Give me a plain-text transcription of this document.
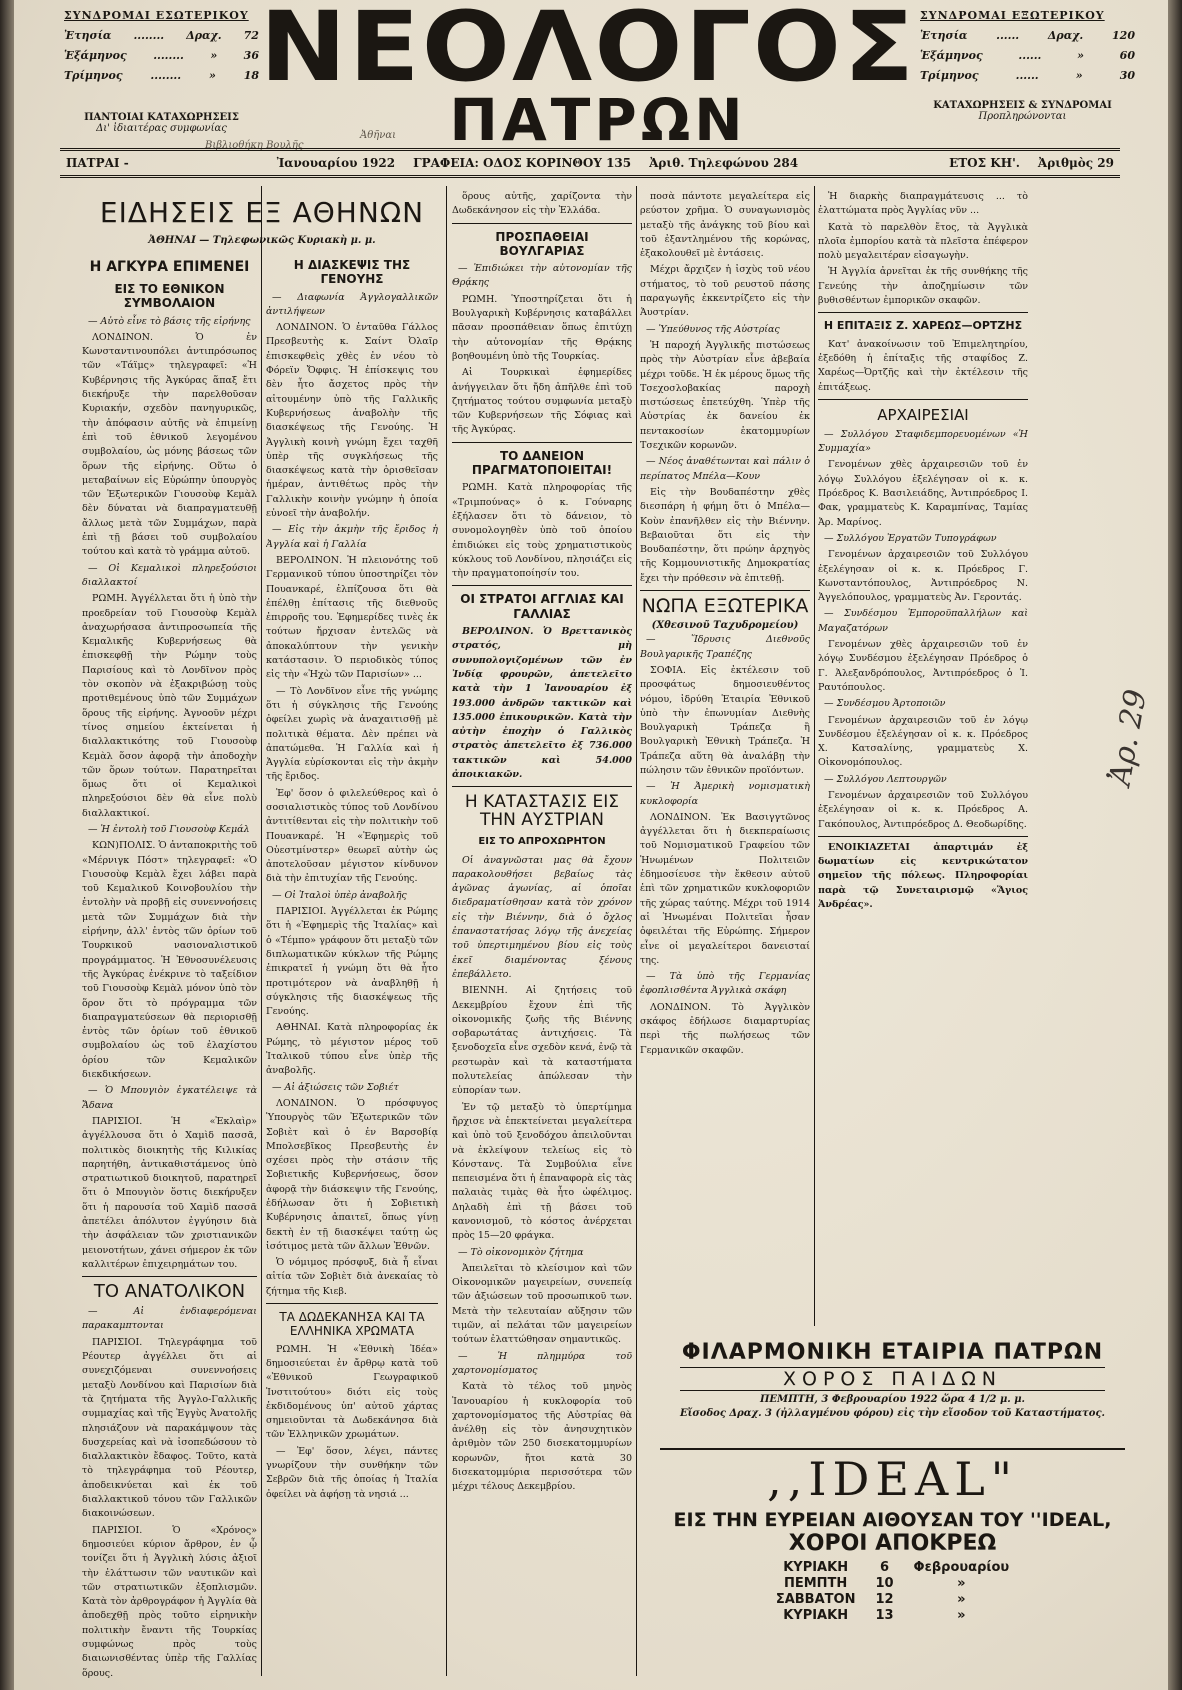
ΣΥΝΔΡΟΜΑΙ ΕΣΩΤΕΡΙΚΟΥ
Ἐτησία ........ Δραχ. 72
Ἑξάμηνος ........ » 36
Τρίμηνος	........	»	18
ΠΑΝΤΟΙΑΙ ΚΑΤΑΧΩΡΗΣΕΙΣ
Δι' ἰδιαιτέρας συμφωνίας
ΣΥΝΔΡΟΜΑΙ ΕΞΩΤΕΡΙΚΟΥ
Ἐτησία	......	Δραχ.	120
Ἑξάμηνος	......	»	60
Τρίμηνος	......	»	30
ΚΑΤΑΧΩΡΗΣΕΙΣ & ΣΥΝΔΡΟΜΑΙ
Προπληρώνονται
ΝΕΟΛΟΓΟΣ
ΠΑΤΡΩΝ
Βιβλιοθήκη Βουλῆς
Ἀθῆναι
ΠΑΤΡΑΙ -	Ἰανουαρίου 1922 ΓΡΑΦΕΙΑ: ΟΔΟΣ ΚΟΡΙΝΘΟΥ 135 Ἀριθ. Τηλεφώνου 284	ΕΤΟΣ ΚΗ'. Ἀριθμὸς 29
ΕΙΔΗΣΕΙΣ ΕΞ ΑΘΗΝΩΝ
ἈΘΗΝΑΙ — Τηλεφωνικῶς Κυριακὴ μ. μ.
Η ΑΓΚΥΡΑ ΕΠΙΜΕΝΕΙ
ΕΙΣ ΤΟ ΕΘΝΙΚΟΝ ΣΥΜΒΟΛΑΙΟΝ

— Αὐτὸ εἶνε τὸ βάσις τῆς εἰρήνης

ΛΟΝΔΙΝΟΝ. Ὁ ἐν Κωνσταντινουπόλει ἀντιπρόσωπος τῶν «Τάϊμς» τηλεγραφεῖ: «Ἡ Κυβέρνησις τῆς Ἀγκύρας ἅπαξ ἔτι διεκήρυξε τὴν παρελθοῦσαν Κυριακήν, σχεδὸν πανηγυρικῶς, τὴν ἀπόφασιν αὐτῆς νὰ ἐπιμείνῃ ἐπὶ τοῦ ἐθνικοῦ λεγομένου συμβολαίου, ὡς μόνης βάσεως τῶν ὅρων τῆς εἰρήνης. Οὕτω ὁ μεταβαίνων εἰς Εὐρώπην ὑπουργὸς τῶν Ἐξωτερικῶν Γιουσοὺφ Κεμὰλ δὲν δύναται νὰ διαπραγματευθῇ ἄλλως μετὰ τῶν Συμμάχων, παρὰ ἐπὶ τῇ βάσει τοῦ συμβολαίου τούτου καὶ κατὰ τὸ γράμμα αὐτοῦ.

— Οἱ Κεμαλικοὶ πληρεξούσιοι διαλλακτοί

ΡΩΜΗ. Ἀγγέλλεται ὅτι ἡ ὑπὸ τὴν προεδρείαν τοῦ Γιουσοὺφ Κεμὰλ ἀναχωρήσασα ἀντιπροσωπεία τῆς Κεμαλικῆς Κυβερνήσεως θὰ ἐπισκεφθῇ τὴν Ρώμην τοὺς Παρισίους καὶ τὸ Λονδῖνον πρὸς τὸν σκοπὸν νὰ ἐξακριβώσῃ τοὺς προτιθεμένους ὑπὸ τῶν Συμμάχων ὅρους τῆς εἰρήνης. Ἀγνοοῦν μέχρι τίνος σημείου ἐκτείνεται ἡ διαλλακτικότης τοῦ Γιουσοὺφ Κεμὰλ ὅσον ἀφορᾷ τὴν ἀποδοχὴν τῶν ὅρων τούτων. Παρατηρεῖται ὅμως ὅτι οἱ Κεμαλικοὶ πληρεξούσιοι δὲν θὰ εἶνε πολὺ διαλλακτικοί.

— Ἡ ἐντολὴ τοῦ Γιουσοὺφ Κεμάλ

ΚΩΝ)ΠΟΛΙΣ. Ὁ ἀνταποκριτὴς τοῦ «Μέρνιγκ Πόστ» τηλεγραφεῖ: «Ὁ Γιουσοὺφ Κεμὰλ ἔχει λάβει παρὰ τοῦ Κεμαλικοῦ Κοινοβουλίου τὴν ἐντολὴν νὰ προβῇ εἰς συνεννοήσεις μετὰ τῶν Συμμάχων διὰ τὴν εἰρήνην, ἀλλ' ἐντὸς τῶν ὁρίων τοῦ Τουρκικοῦ νασιοναλιστικοῦ προγράμματος. Ἡ Ἐθνοσυνέλευσις τῆς Ἀγκύρας ἐνέκρινε τὸ ταξείδιον τοῦ Γιουσοὺφ Κεμὰλ μόνον ὑπὸ τὸν ὅρον ὅτι τὸ πρόγραμμα τῶν διαπραγματεύσεων θὰ περιορισθῇ ἐντὸς τῶν ὁρίων τοῦ ἐθνικοῦ συμβολαίου ὡς τοῦ ἐλαχίστου ὁρίου τῶν Κεμαλικῶν διεκδικήσεων.

— Ὁ Μπουγιὸν ἐγκατέλειψε τὰ Ἄδανα

ΠΑΡΙΣΙΟΙ. Ἡ «Ἐκλαὶρ» ἀγγέλλουσα ὅτι ὁ Χαμὶδ πασσᾶ, πολιτικὸς διοικητὴς τῆς Κιλικίας παρητήθη, ἀντικαθιστάμενος ὑπὸ στρατιωτικοῦ διοικητοῦ, παρατηρεῖ ὅτι ὁ Μπουγιὸν ὅστις διεκήρυξεν ὅτι ἡ παρουσία τοῦ Χαμὶδ πασσᾶ ἀπετέλει ἀπόλυτον ἐγγύησιν διὰ τὴν ἀσφάλειαν τῶν χριστιανικῶν μειονοτήτων, χάνει σήμερον ἐκ τῶν καλλιτέρων ἐπιχειρημάτων του.

ΤΟ ΑΝΑΤΟΛΙΚΟΝ

— Αἱ ἐνδιαφερόμεναι παρακαμπτονται

ΠΑΡΙΣΙΟΙ. Τηλεγράφημα τοῦ Ρέουτερ ἀγγέλλει ὅτι αἱ συνεχιζόμεναι συνεννοήσεις μεταξὺ Λονδίνου καὶ Παρισίων διὰ τὰ ζητήματα τῆς Ἀγγλο-Γαλλικῆς συμμαχίας καὶ τῆς Ἐγγὺς Ἀνατολῆς πλησιάζουν νὰ παρακάμψουν τὰς δυσχερείας καὶ νὰ ἰσοπεδώσουν τὸ διαλλακτικὸν ἔδαφος. Τοῦτο, κατὰ τὸ τηλεγράφημα τοῦ Ρέουτερ, ἀποδεικνύεται καὶ ἐκ τοῦ διαλλακτικοῦ τόνου τῶν Γαλλικῶν διακοινώσεων.

ΠΑΡΙΣΙΟΙ. Ὁ «Χρόνος» δημοσιεύει κύριον ἄρθρον, ἐν ᾧ τονίζει ὅτι ἡ Ἀγγλικὴ λύσις ἀξιοῖ τὴν ἐλάττωσιν τῶν ναυτικῶν καὶ τῶν στρατιωτικῶν ἐξοπλισμῶν. Κατὰ τὸν ἀρθρογράφον ἡ Ἀγγλία θὰ ἀποδεχθῇ πρὸς τοῦτο εἰρηνικὴν πολιτικὴν ἔναντι τῆς Τουρκίας συμφώνως πρὸς τοὺς διαιωνισθέντας ὑπὲρ τῆς Γαλλίας ὅρους.

Η ΔΙΑΣΚΕΨΙΣ ΤΗΣ ΓΕΝΟΥΗΣ

— Διαφωνία Ἀγγλογαλλικῶν ἀντιλήψεων

ΛΟΝΔΙΝΟΝ. Ὁ ἐνταῦθα Γάλλος Πρεσβευτὴς κ. Σαίντ Ὀλαῖρ ἐπισκεφθεὶς χθὲς ἐν νέου τὸ Φόρεϊν Ὄφφις. Ἡ ἐπίσκεψις του δὲν ἦτο ἄσχετος πρὸς τὴν αἰτουμένην ὑπὸ τῆς Γαλλικῆς Κυβερνήσεως ἀναβολὴν τῆς διασκέψεως τῆς Γενούης. Ἡ Ἀγγλικὴ κοινὴ γνώμη ἔχει ταχθῆ ὑπὲρ τῆς συγκλήσεως τῆς διασκέψεως κατὰ τὴν ὁρισθεῖσαν ἡμέραν, ἀντιθέτως πρὸς τὴν Γαλλικὴν κοινὴν γνώμην ἡ ὁποία εὐνοεῖ τὴν ἀναβολήν.

— Εἰς τὴν ἀκμὴν τῆς ἔριδος ἡ Ἀγγλία καὶ ἡ Γαλλία

ΒΕΡΟΛΙΝΟΝ. Ἡ πλειονότης τοῦ Γερμανικοῦ τύπου ὑποστηρίζει τὸν Πουανκαρέ, ἐλπίζουσα ὅτι θὰ ἐπέλθῃ ἐπίτασις τῆς διεθνοῦς ἐπιρροῆς του. Ἐφημερίδες τινὲς ἐκ τούτων ἤρχισαν ἐντελῶς νὰ ἀποκαλύπτουν τὴν γενικὴν κατάστασιν. Ὁ περιοδικὸς τύπος εἰς τὴν «Ἡχὼ τῶν Παρισίων» ...

— Τὸ Λονδῖνον εἶνε τῆς γνώμης ὅτι ἡ σύγκλησις τῆς Γενούης ὀφείλει χωρὶς νὰ ἀναχαιτισθῇ μὲ πολιτικὰ θέματα. Δὲν πρέπει νὰ ἀπατώμεθα. Ἡ Γαλλία καὶ ἡ Ἀγγλία εὑρίσκονται εἰς τὴν ἀκμὴν τῆς ἔριδος.

Ἐφ' ὅσον ὁ φιλελεύθερος καὶ ὁ σοσιαλιστικὸς τύπος τοῦ Λονδίνου ἀντιτίθενται εἰς τὴν πολιτικὴν τοῦ Πουανκαρέ. Ἡ «Ἐφημερὶς τοῦ Οὐεστμίνστερ» θεωρεῖ αὐτὴν ὡς ἀποτελοῦσαν μέγιστον κίνδυνον διὰ τὴν ἐπιτυχίαν τῆς Γενούης.

— Οἱ Ἰταλοὶ ὑπὲρ ἀναβολῆς

ΠΑΡΙΣΙΟΙ. Ἀγγέλλεται ἐκ Ρώμης ὅτι ἡ «Ἐφημερὶς τῆς Ἰταλίας» καὶ ὁ «Τέμπο» γράφουν ὅτι μεταξὺ τῶν διπλωματικῶν κύκλων τῆς Ρώμης ἐπικρατεῖ ἡ γνώμη ὅτι θὰ ἦτο προτιμότερον νὰ ἀναβληθῇ ἡ σύγκλησις τῆς διασκέψεως τῆς Γενούης.

ΑΘΗΝΑΙ. Κατὰ πληροφορίας ἐκ Ρώμης, τὸ μέγιστον μέρος τοῦ Ἰταλικοῦ τύπου εἶνε ὑπὲρ τῆς ἀναβολῆς.

— Αἱ ἀξιώσεις τῶν Σοβιέτ

ΛΟΝΔΙΝΟΝ. Ὁ πρόσφυγος Ὑπουργὸς τῶν Ἐξωτερικῶν τῶν Σοβιὲτ καὶ ὁ ἐν Βαρσοβίᾳ Μπολσεβῖκος Πρεσβευτὴς ἐν σχέσει πρὸς τὴν στάσιν τῆς Σοβιετικῆς Κυβερνήσεως, ὅσον ἀφορᾷ τὴν διάσκεψιν τῆς Γενούης, ἐδήλωσαν ὅτι ἡ Σοβιετικὴ Κυβέρνησις ἀπαιτεῖ, ὅπως γίνῃ δεκτὴ ἐν τῇ διασκέψει ταύτῃ ὡς ἰσότιμος μετὰ τῶν ἄλλων Ἐθνῶν.

Ὁ νόμιμος πρόσφυξ, διὰ ἦ εἶναι αἰτία τῶν Σοβιὲτ διὰ ἀνεκαίας τὸ ζήτημα τῆς Κιεβ.

ΤΑ ΔΩΔΕΚΑΝΗΣΑ ΚΑΙ ΤΑ ΕΛΛΗΝΙΚΑ ΧΡΩΜΑΤΑ

ΡΩΜΗ. Ἡ «Ἐθνικὴ Ἰδέα» δημοσιεύεται ἐν ἄρθρῳ κατὰ τοῦ «Ἐθνικοῦ Γεωγραφικοῦ Ἰνστιτούτου» διότι εἰς τοὺς ἐκδιδομένους ὑπ' αὐτοῦ χάρτας σημειοῦνται τὰ Δωδεκάνησα διὰ τῶν Ἑλληνικῶν χρωμάτων.

— Ἐφ' ὅσον, λέγει, πάντες γνωρίζουν τὴν συνθήκην τῶν Σεβρῶν διὰ τῆς ὁποίας ἡ Ἰταλία ὀφείλει νὰ ἀφήσῃ τὰ νησιά ...

ὅρους αὐτῆς, χαρίζοντα τὴν Δωδεκάνησον εἰς τὴν Ἑλλάδα.

ΠΡΟΣΠΑΘΕΙΑΙ ΒΟΥΛΓΑΡΙΑΣ

— Ἐπιδιώκει τὴν αὐτονομίαν τῆς Θρᾴκης

ΡΩΜΗ. Ὑποστηρίζεται ὅτι ἡ Βουλγαρικὴ Κυβέρνησις καταβάλλει πᾶσαν προσπάθειαν ὅπως ἐπιτύχῃ τὴν αὐτονομίαν τῆς Θρᾴκης βοηθουμένη ὑπὸ τῆς Τουρκίας.

Αἱ Τουρκικαὶ ἐφημερίδες ἀνήγγειλαν ὅτι ἤδη ἀπῆλθε ἐπὶ τοῦ ζητήματος τούτου συμφωνία μεταξὺ τῶν Κυβερνήσεων τῆς Σόφιας καὶ τῆς Ἀγκύρας.

ΤΟ ΔΑΝΕΙΟΝ ΠΡΑΓΜΑΤΟΠΟΙΕΙΤΑΙ!

ΡΩΜΗ. Κατὰ πληροφορίας τῆς «Τριμπούνας» ὁ κ. Γούναρης ἐξήλασεν ὅτι τὸ δάνειον, τὸ συνομολογηθὲν ὑπὸ τοῦ ὁποίου ἐπιδιώκει εἰς τοὺς χρηματιστικοὺς κύκλους τοῦ Λονδίνου, πλησιάζει εἰς τὴν πραγματοποίησίν του.

ΟΙ ΣΤΡΑΤΟΙ ΑΓΓΛΙΑΣ ΚΑΙ ΓΑΛΛΙΑΣ

ΒΕΡΟΛΙΝΟΝ. Ὁ Βρεττανικὸς στρατός, μὴ συνυπολογιζομένων τῶν ἐν Ἰνδίᾳ φρουρῶν, ἀπετελεῖτο κατὰ τὴν 1 Ἰανουαρίου ἐξ 193.000 ἀνδρῶν τακτικῶν καὶ 135.000 ἐπικουρικῶν. Κατὰ τὴν αὐτὴν ἐποχὴν ὁ Γαλλικὸς στρατὸς ἀπετελεῖτο ἐξ 736.000 τακτικῶν καὶ 54.000 ἀποικιακῶν.

Η ΚΑΤΑΣΤΑΣΙΣ ΕΙΣ ΤΗΝ ΑΥΣΤΡΙΑΝ
ΕΙΣ ΤΟ ΑΠΡΟΧΩΡΗΤΟΝ

Οἱ ἀναγνῶσται μας θὰ ἔχουν παρακολουθήσει βεβαίως τὰς ἀγῶνας ἀγωνίας, αἱ ὁποῖαι διεδραματίσθησαν κατὰ τὸν χρόνον εἰς τὴν Βιέννην, διὰ ὁ ὄχλος ἐπαναστατήσας λόγῳ τῆς ἀνεχείας τοῦ ὑπερτιμημένου βίου εἰς τοὺς ἐκεῖ διαμένοντας ξένους ἐπεβάλλετο.

ΒΙΕΝΝΗ. Αἱ ζητήσεις τοῦ Δεκεμβρίου ἔχουν ἐπὶ τῆς οἰκονομικῆς ζωῆς τῆς Βιέννης σοβαρωτάτας ἀντιχήσεις. Τὰ ξενοδοχεῖα εἶνε σχεδὸν κενά, ἐνῷ τὰ ρεστωρὰν καὶ τὰ καταστήματα πολυτελείας ἀπώλεσαν τὴν εὐπορίαν των.

Ἐν τῷ μεταξὺ τὸ ὑπερτίμημα ἤρχισε νὰ ἐπεκτείνεται μεγαλείτερα καὶ ὑπὸ τοῦ ξενοδόχου ἀπειλοῦνται νὰ ἐκλείψουν τελείως εἰς τὸ Κόνστανς. Τὰ Συμβούλια εἶνε πεπεισμένα ὅτι ἡ ἐπαναφορὰ εἰς τὰς παλαιὰς τιμὰς θὰ ἦτο ὠφέλιμος. Δηλαδὴ ἐπὶ τῇ βάσει τοῦ κανονισμοῦ, τὸ κόστος ἀνέρχεται πρὸς 15—20 φράγκα.

— Τὸ οἰκονομικὸν ζήτημα

Ἀπειλεῖται τὸ κλείσιμον καὶ τῶν Οἰκονομικῶν μαγειρείων, συνεπείᾳ τῶν ἀξιώσεων τοῦ προσωπικοῦ των. Μετὰ τὴν τελευταίαν αὔξησιν τῶν τιμῶν, αἱ πελάται τῶν μαγειρείων τούτων ἐλαττώθησαν σημαντικῶς.

— Ἡ πλημμύρα τοῦ χαρτονομίσματος

Κατὰ τὸ τέλος τοῦ μηνὸς Ἰανουαρίου ἡ κυκλοφορία τοῦ χαρτονομίσματος τῆς Αὐστρίας θὰ ἀνέλθῃ εἰς τὸν ἀνησυχητικὸν ἀριθμὸν τῶν 250 δισεκατομμυρίων κορωνῶν, ἤτοι κατὰ 30 δισεκατομμύρια περισσότερα τῶν μέχρι τέλους Δεκεμβρίου.

ποσὰ πάντοτε μεγαλείτερα εἰς ρεύστον χρῆμα. Ὁ συναγωνισμὸς μεταξὺ τῆς ἀνάγκης τοῦ βίου καὶ τοῦ ἐξαντλημένου τῆς κορώνας, ἐξακολουθεῖ μὲ ἐντάσεις.

Μέχρι ἄρχιζεν ἡ ἰσχὺς τοῦ νέου στήματος, τὸ τοῦ ρευστοῦ πάσης παραγωγῆς ἐκκεντρίζετο εἰς τὴν Ἀυστρίαν.

— Ὑπεύθυνος τῆς Αὐστρίας

Ἡ παροχή Ἀγγλικῆς πιστώσεως πρὸς τὴν Αὐστρίαν εἶνε ἀβεβαία μέχρι τοῦδε. Ἡ ἐκ μέρους ὅμως τῆς Τσεχοσλοβακίας παροχὴ πιστώσεως ἐπετεύχθη. Ὑπὲρ τῆς Αὐστρίας ἐκ δανείου ἐκ πεντακοσίων ἑκατομμυρίων Τσεχικῶν κορωνῶν.

— Νέος ἀναθέτωνται καὶ πάλιν ὁ περίπατος Μπέλα—Κουν

Εἰς τὴν Βουδαπέστην χθὲς διεσπάρη ἡ φήμη ὅτι ὁ Μπέλα—Κοὺν ἐπανῆλθεν εἰς τὴν Βιέννην. Βεβαιοῦται ὅτι εἰς τὴν Βουδαπέστην, ὅτι πρώην ἀρχηγὸς τῆς Κομμουνιστικῆς Δημοκρατίας ἔχει τὴν πρόθεσιν νὰ ἐπιτεθῇ.

ΝΩΠΑ ΕΞΩΤΕΡΙΚΑ
(Χθεσινοῦ Ταχυδρομείου)

— Ἵδρυσις Διεθνοῦς Βουλγαρικῆς Τραπέζης

ΣΟΦΙΑ. Εἰς ἐκτέλεσιν τοῦ προσφάτως δημοσιευθέντος νόμου, ἱδρύθη Ἑταιρία Ἐθνικοῦ ὑπὸ τὴν ἐπωνυμίαν Διεθνὴς Βουλγαρικὴ Τράπεζα ἢ Βουλγαρικὴ Ἐθνικὴ Τράπεζα. Ἡ Τράπεζα αὕτη θὰ ἀναλάβῃ τὴν πώλησιν τῶν ἐθνικῶν προϊόντων.

— Ἡ Ἀμερικὴ νομισματικὴ κυκλοφορία

ΛΟΝΔΙΝΟΝ. Ἐκ Βασιγγτῶνος ἀγγέλλεται ὅτι ἡ διεκπεραίωσις τοῦ Νομισματικοῦ Γραφείου τῶν Ἡνωμένων Πολιτειῶν ἐδημοσίευσε τὴν ἔκθεσιν αὐτοῦ ἐπὶ τῶν χρηματικῶν κυκλοφοριῶν τῆς χώρας ταύτης. Μέχρι τοῦ 1914 αἱ Ἡνωμέναι Πολιτεῖαι ἦσαν ὀφειλέται τῆς Εὐρώπης. Σήμερον εἶνε οἱ μεγαλείτεροι δανεισταί της.

— Τὰ ὑπὸ τῆς Γερμανίας ἐφοπλισθέντα Ἀγγλικὰ σκάφη

ΛΟΝΔΙΝΟΝ. Τὸ Ἀγγλικὸν σκάφος ἐδήλωσε διαμαρτυρίας περὶ τῆς πωλήσεως τῶν Γερμανικῶν σκαφῶν.

Ἡ διαρκὴς διαπραγμάτευσις ... τὸ ἐλαττώματα πρὸς Ἀγγλίας νῦν ...

Κατὰ τὸ παρελθὸν ἔτος, τὰ Ἀγγλικὰ πλοῖα ἐμπορίου κατὰ τὰ πλεῖστα ἐπέφερον πολὺ μεγαλειτέραν εἰσαγωγὴν.

Ἡ Ἀγγλία ἀρνεῖται ἐκ τῆς συνθήκης τῆς Γενεύης τὴν ἀποζημίωσιν τῶν βυθισθέντων ἐμπορικῶν σκαφῶν.

Η ΕΠΙΤΑΞΙΣ Ζ. ΧΑΡΕΩΣ—ΟΡΤΖΗΣ

Κατ' ἀνακοίνωσιν τοῦ Ἐπιμελητηρίου, ἐξεδόθη ἡ ἐπίταξις τῆς σταφίδος Ζ. Χαρέως—Ὀρτζῆς καὶ τὴν ἐκτέλεσιν τῆς ἐπιτάξεως.

ΑΡΧΑΙΡΕΣΙΑΙ

— Συλλόγου Σταφιδεμπορευομένων «Ἡ Συμμαχία»

Γενομένων χθὲς ἀρχαιρεσιῶν τοῦ ἐν λόγῳ Συλλόγου ἐξελέγησαν οἱ κ. κ. Πρόεδρος Κ. Βασιλειάδης, Ἀντιπρόεδρος Ι. Φακ, γραμματεὺς Κ. Καραμπίνας, Ταμίας Ἀρ. Μαρίνος.

— Συλλόγου Ἐργατῶν Τυπογράφων

Γενομένων ἀρχαιρεσιῶν τοῦ Συλλόγου ἐξελέγησαν οἱ κ. κ. Πρόεδρος Γ. Κωνσταντόπουλος, Ἀντιπρόεδρος Ν. Ἀγγελόπουλος, γραμματεὺς Ἀν. Γεροντάς.

— Συνδέσμου Ἐμποροϋπαλλήλων καὶ Μαγαζατόρων

Γενομένων χθὲς ἀρχαιρεσιῶν τοῦ ἐν λόγῳ Συνδέσμου ἐξελέγησαν Πρόεδρος ὁ Γ. Ἀλεξανδρόπουλος, Ἀντιπρόεδρος ὁ Ἰ. Ραυτόπουλος.

— Συνδέσμου Ἀρτοποιῶν

Γενομένων ἀρχαιρεσιῶν τοῦ ἐν λόγῳ Συνδέσμου ἐξελέγησαν οἱ κ. κ. Πρόεδρος Χ. Κατσαλίνης, γραμματεὺς Χ. Οἰκονομόπουλος.

— Συλλόγου Λεπτουργῶν

Γενομένων ἀρχαιρεσιῶν τοῦ Συλλόγου ἐξελέγησαν οἱ κ. κ. Πρόεδρος Α. Γακόπουλος, Ἀντιπρόεδρος Δ. Θεοδωρίδης.

ΕΝΟΙΚΙΑΖΕΤΑΙ ἀπαρτιμάν ἐξ δωματίων εἰς κεντρικώτατον σημεῖον τῆς πόλεως. Πληροφορίαι παρὰ τῷ Συνεταιρισμῷ «Ἅγιος Ἀνδρέας».

Ἀρ. 29
ΦΙΛΑΡΜΟΝΙΚΗ ΕΤΑΙΡΙΑ ΠΑΤΡΩΝ
ΧΟΡΟΣ ΠΑΙΔΩΝ
ΠΕΜΠΤΗ, 3 Φεβρουαρίου 1922 ὥρα 4 1/2 μ. μ.
Εἴσοδος Δραχ. 3 (ἠλλαγμένου φόρου) εἰς τὴν εἴσοδον τοῦ Καταστήματος.
,,IDEAL"
ΕΙΣ ΤΗΝ ΕΥΡΕΙΑΝ ΑΙΘΟΥΣΑΝ ΤΟΥ ''IDEAL,
ΧΟΡΟΙ ΑΠΟΚΡΕΩ
ΚΥΡΙΑΚΗ	6	Φεβρουαρίου
ΠΕΜΠΤΗ	10	»
ΣΑΒΒΑΤΟΝ	12	»
ΚΥΡΙΑΚΗ	13	»
